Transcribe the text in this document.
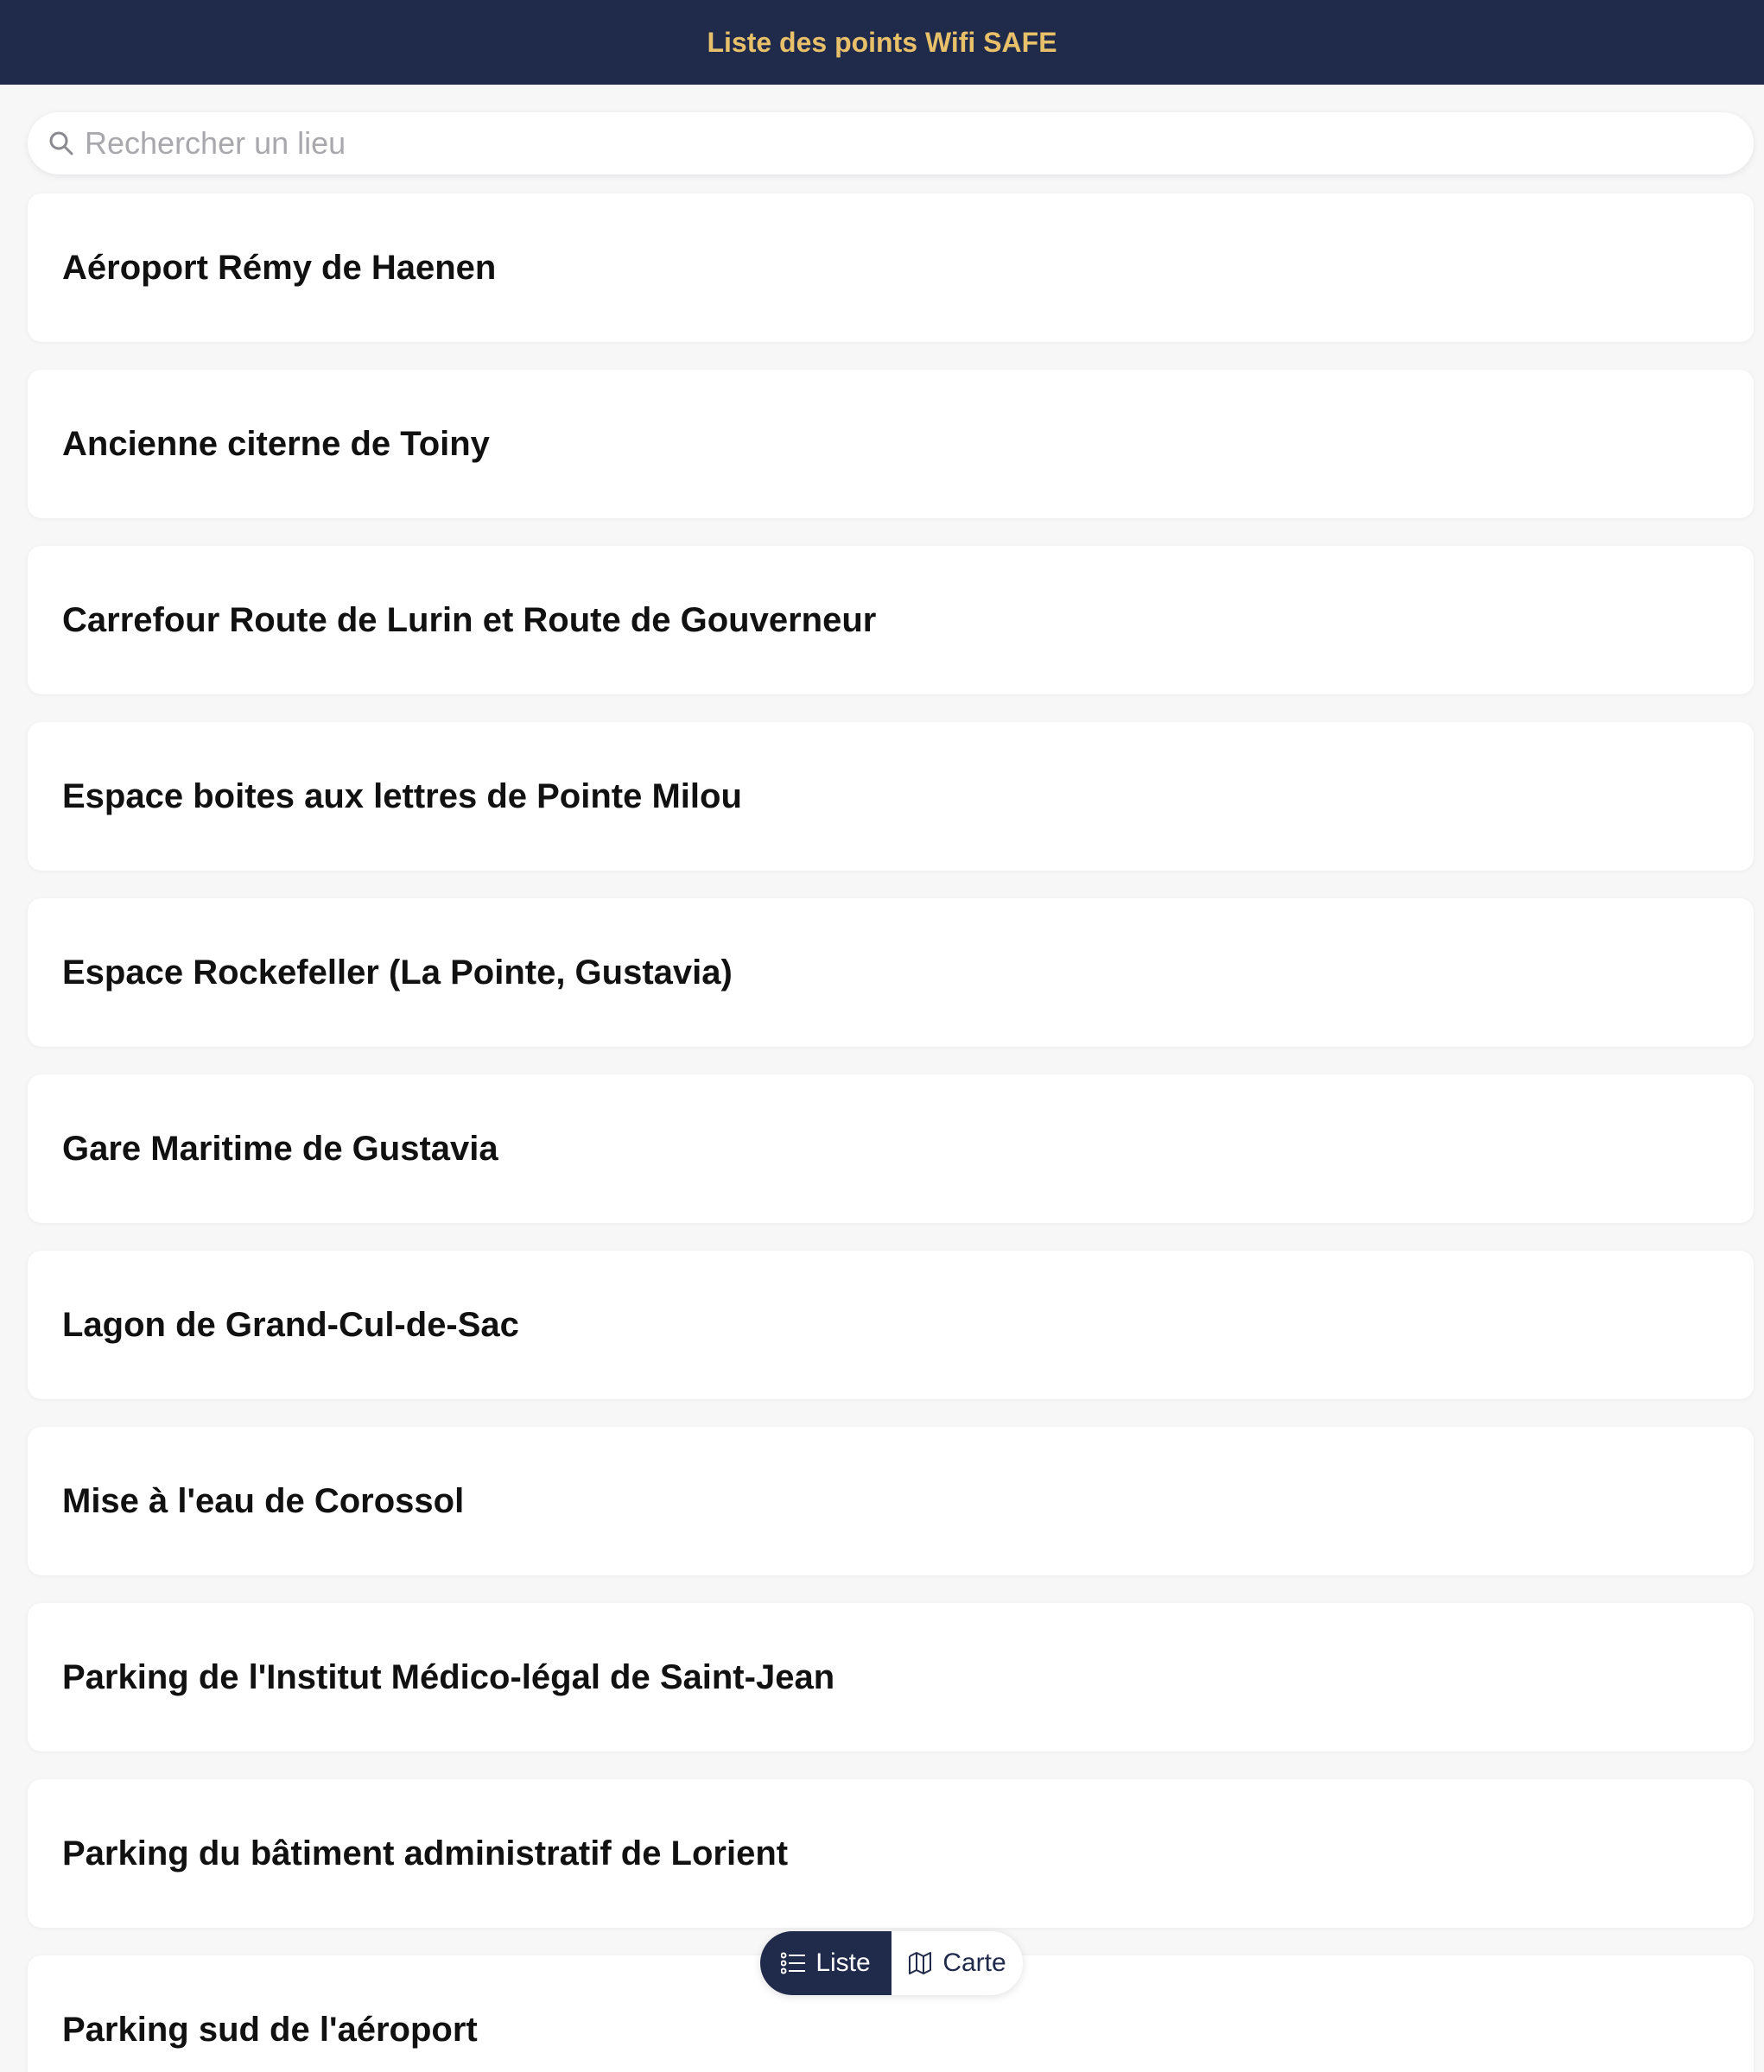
Liste des points Wifi SAFE
Rechercher un lieu
Aéroport Rémy de Haenen
Ancienne citerne de Toiny
Carrefour Route de Lurin et Route de Gouverneur
Espace boites aux lettres de Pointe Milou
Espace Rockefeller (La Pointe, Gustavia)
Gare Maritime de Gustavia
Lagon de Grand-Cul-de-Sac
Mise à l'eau de Corossol
Parking de l'Institut Médico-légal de Saint-Jean
Parking du bâtiment administratif de Lorient
Parking sud de l'aéroport
Liste	Carte
